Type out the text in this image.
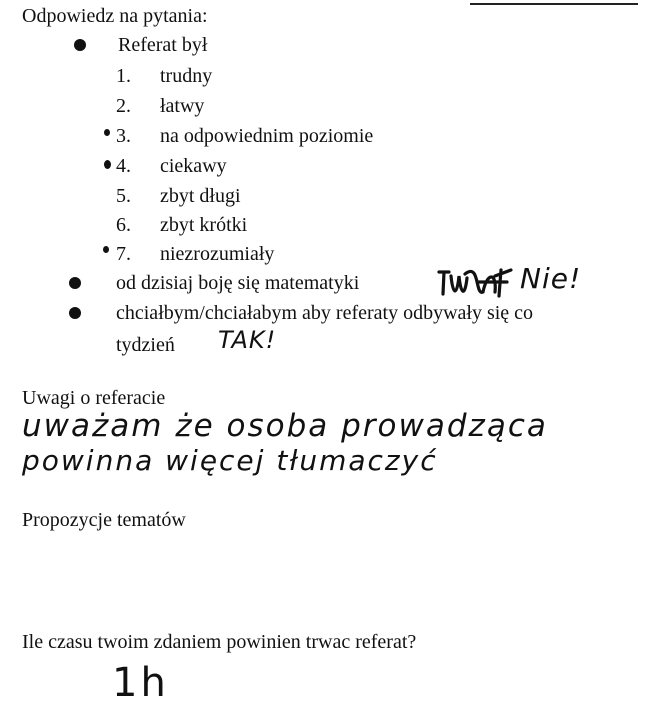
Odpowiedz na pytania:
Referat był
1. trudny
2. łatwy
3. na odpowiednim poziomie
4. ciekawy
5. zbyt długi
6. zbyt krótki
7. niezrozumiały
od dzisiaj boję się matematyki	Nie!
chciałbym/chciałabym aby referaty odbywały się co
tydzień TAK!
Uwagi o referacie
uważam że osoba prowadząca
powinna więcej tłumaczyć
Propozycje tematów
Ile czasu twoim zdaniem powinien trwac referat?
1h
